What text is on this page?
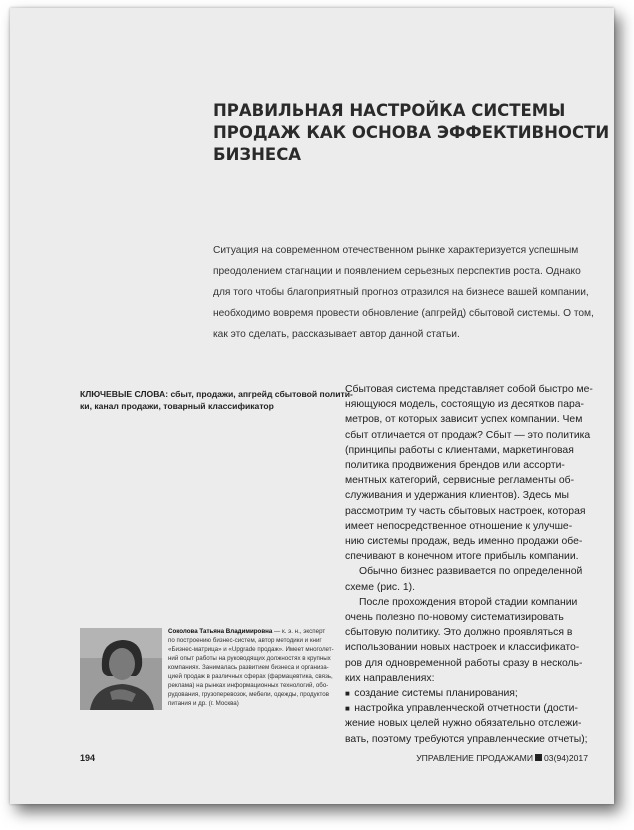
ПРАВИЛЬНАЯ НАСТРОЙКА СИСТЕМЫ
ПРОДАЖ КАК ОСНОВА ЭФФЕКТИВНОСТИ
БИЗНЕСА
Ситуация на современном отечественном рынке характеризуется успешным
преодолением стагнации и появлением серьезных перспектив роста. Однако
для того чтобы благоприятный прогноз отразился на бизнесе вашей компании,
необходимо вовремя провести обновление (апгрейд) сбытовой системы. О том,
как это сделать, рассказывает автор данной статьи.
КЛЮЧЕВЫЕ СЛОВА: сбыт, продажи, апгрейд сбытовой полити-
ки, канал продажи, товарный классификатор
Сбытовая система представляет собой быстро ме-
няющуюся модель, состоящую из десятков пара-
метров, от которых зависит успех компании. Чем
сбыт отличается от продаж? Сбыт — это политика
(принципы работы с клиентами, маркетинговая
политика продвижения брендов или ассорти-
ментных категорий, сервисные регламенты об-
служивания и удержания клиентов). Здесь мы
рассмотрим ту часть сбытовых настроек, которая
имеет непосредственное отношение к улучше-
нию системы продаж, ведь именно продажи обе-
спечивают в конечном итоге прибыль компании.
Обычно бизнес развивается по определенной
схеме (рис. 1).
После прохождения второй стадии компании
очень полезно по-новому систематизировать
сбытовую политику. Это должно проявляться в
использовании новых настроек и классификато-
ров для одновременной работы сразу в несколь-
ких направлениях:
■  создание системы планирования;
■  настройка управленческой отчетности (дости-
жение новых целей нужно обязательно отслежи-
вать, поэтому требуются управленческие отчеты);
Соколова Татьяна Владимировна — к. э. н., эксперт
по построению бизнес-систем, автор методики и книг
«Бизнес-матрица» и «Upgrade продаж». Имеет многолет-
ний опыт работы на руководящих должностях в крупных
компаниях. Занималась развитием бизнеса и организа-
цией продаж в различных сферах (фармацевтика, связь,
реклама) на рынках информационных технологий, обо-
рудования, грузоперевозок, мебели, одежды, продуктов
питания и др. (г. Москва)
194	УПРАВЛЕНИЕ ПРОДАЖАМИ 03(94)2017
